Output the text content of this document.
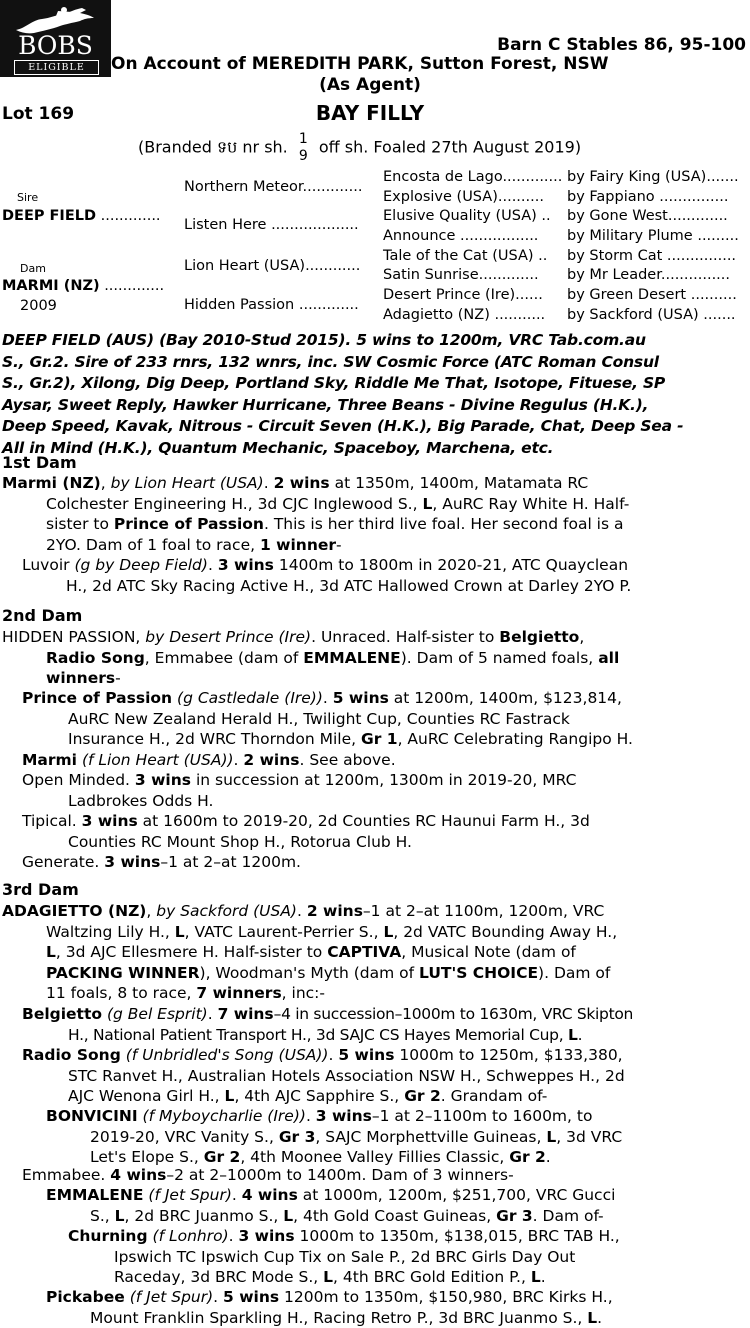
BOBS
ELIGIBLE
Barn C Stables 86, 95-100
On Account of MEREDITH PARK, Sutton Forest, NSW
(As Agent)
Lot 169	BAY FILLY
(Branded ទប nr sh. 1
9 off sh. Foaled 27th August 2019)
Sire
DEEP FIELD .............
Dam
MARMI (NZ) .............
2009
Northern Meteor.............
Listen Here ...................
Lion Heart (USA)............
Hidden Passion .............
Encosta de Lago.............
Explosive (USA)..........
Elusive Quality (USA) ..
Announce .................
Tale of the Cat (USA) ..
Satin Sunrise.............
Desert Prince (Ire)......
Adagietto (NZ) ...........
by Fairy King (USA).......
by Fappiano ...............
by Gone West.............
by Military Plume .........
by Storm Cat ...............
by Mr Leader...............
by Green Desert ..........
by Sackford (USA) .......
DEEP FIELD (AUS) (Bay 2010-Stud 2015). 5 wins to 1200m, VRC Tab.com.au
S., Gr.2. Sire of 233 rnrs, 132 wnrs, inc. SW Cosmic Force (ATC Roman Consul
S., Gr.2), Xilong, Dig Deep, Portland Sky, Riddle Me That, Isotope, Fituese, SP
Aysar, Sweet Reply, Hawker Hurricane, Three Beans - Divine Regulus (H.K.),
Deep Speed, Kavak, Nitrous - Circuit Seven (H.K.), Big Parade, Chat, Deep Sea -
All in Mind (H.K.), Quantum Mechanic, Spaceboy, Marchena, etc.
1st Dam
Marmi (NZ), by Lion Heart (USA). 2 wins at 1350m, 1400m, Matamata RC
Colchester Engineering H., 3d CJC Inglewood S., L, AuRC Ray White H. Half-
sister to Prince of Passion. This is her third live foal. Her second foal is a
2YO. Dam of 1 foal to race, 1 winner-
Luvoir (g by Deep Field). 3 wins 1400m to 1800m in 2020-21, ATC Quayclean
H., 2d ATC Sky Racing Active H., 3d ATC Hallowed Crown at Darley 2YO P.
2nd Dam
HIDDEN PASSION, by Desert Prince (Ire). Unraced. Half-sister to Belgietto,
Radio Song, Emmabee (dam of EMMALENE). Dam of 5 named foals, all
winners-
Prince of Passion (g Castledale (Ire)). 5 wins at 1200m, 1400m, $123,814,
AuRC New Zealand Herald H., Twilight Cup, Counties RC Fastrack
Insurance H., 2d WRC Thorndon Mile, Gr 1, AuRC Celebrating Rangipo H.
Marmi (f Lion Heart (USA)). 2 wins. See above.
Open Minded. 3 wins in succession at 1200m, 1300m in 2019-20, MRC
Ladbrokes Odds H.
Tipical. 3 wins at 1600m to 2019-20, 2d Counties RC Haunui Farm H., 3d
Counties RC Mount Shop H., Rotorua Club H.
Generate. 3 wins–1 at 2–at 1200m.
3rd Dam
ADAGIETTO (NZ), by Sackford (USA). 2 wins–1 at 2–at 1100m, 1200m, VRC
Waltzing Lily H., L, VATC Laurent-Perrier S., L, 2d VATC Bounding Away H.,
L, 3d AJC Ellesmere H. Half-sister to CAPTIVA, Musical Note (dam of
PACKING WINNER), Woodman's Myth (dam of LUT'S CHOICE). Dam of
11 foals, 8 to race, 7 winners, inc:-
Belgietto (g Bel Esprit). 7 wins–4 in succession–1000m to 1630m, VRC Skipton
H., National Patient Transport H., 3d SAJC CS Hayes Memorial Cup, L.
Radio Song (f Unbridled's Song (USA)). 5 wins 1000m to 1250m, $133,380,
STC Ranvet H., Australian Hotels Association NSW H., Schweppes H., 2d
AJC Wenona Girl H., L, 4th AJC Sapphire S., Gr 2. Grandam of-
BONVICINI (f Myboycharlie (Ire)). 3 wins–1 at 2–1100m to 1600m, to
2019-20, VRC Vanity S., Gr 3, SAJC Morphettville Guineas, L, 3d VRC
Let's Elope S., Gr 2, 4th Moonee Valley Fillies Classic, Gr 2.
Emmabee. 4 wins–2 at 2–1000m to 1400m. Dam of 3 winners-
EMMALENE (f Jet Spur). 4 wins at 1000m, 1200m, $251,700, VRC Gucci
S., L, 2d BRC Juanmo S., L, 4th Gold Coast Guineas, Gr 3. Dam of-
Churning (f Lonhro). 3 wins 1000m to 1350m, $138,015, BRC TAB H.,
Ipswich TC Ipswich Cup Tix on Sale P., 2d BRC Girls Day Out
Raceday, 3d BRC Mode S., L, 4th BRC Gold Edition P., L.
Pickabee (f Jet Spur). 5 wins 1200m to 1350m, $150,980, BRC Kirks H.,
Mount Franklin Sparkling H., Racing Retro P., 3d BRC Juanmo S., L.
